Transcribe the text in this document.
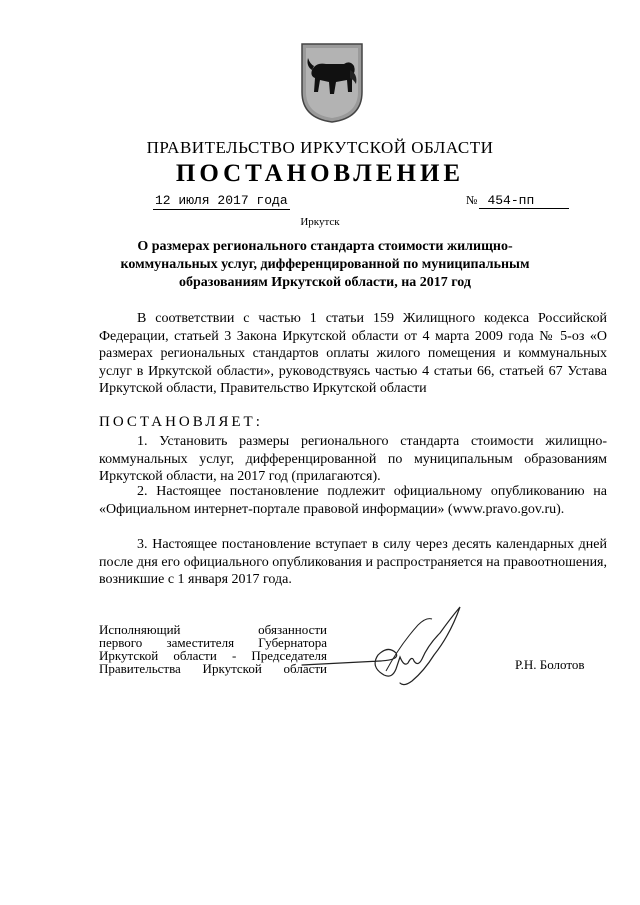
ПРАВИТЕЛЬСТВО ИРКУТСКОЙ ОБЛАСТИ
ПОСТАНОВЛЕНИЕ
12 июля 2017 года	№ 454-пп
Иркутск
О размерах регионального стандарта стоимости жилищно-коммунальных услуг, дифференцированной по муниципальным образованиям Иркутской области, на 2017 год
В соответствии с частью 1 статьи 159 Жилищного кодекса Российской Федерации, статьей 3 Закона Иркутской области от 4 марта 2009 года № 5-оз «О размерах региональных стандартов оплаты жилого помещения и коммунальных услуг в Иркутской области», руководствуясь частью 4 статьи 66, статьей 67 Устава Иркутской области, Правительство Иркутской области
ПОСТАНОВЛЯЕТ:
1. Установить размеры регионального стандарта стоимости жилищно-коммунальных услуг, дифференцированной по муниципальным образованиям Иркутской области, на 2017 год (прилагаются).
2. Настоящее постановление подлежит официальному опубликованию на «Официальном интернет-портале правовой информации» (www.pravo.gov.ru).
3. Настоящее постановление вступает в силу через десять календарных дней после дня его официального опубликования и распространяется на правоотношения, возникшие с 1 января 2017 года.
Исполняющий обязанности
первого заместителя Губернатора
Иркутской области - Председателя
Правительства Иркутской области	Р.Н. Болотов
